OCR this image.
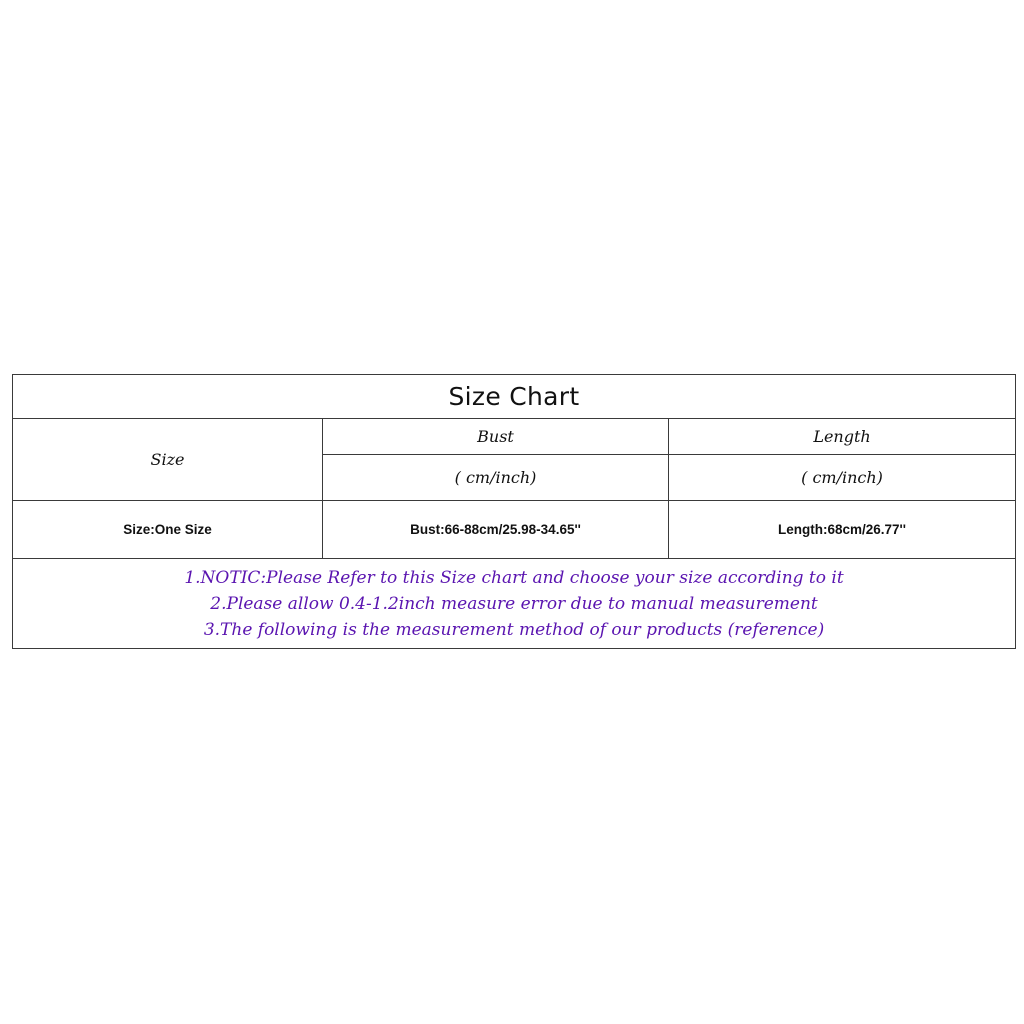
Size Chart		
Size	Bust	Length
	( cm/inch)	( cm/inch)
Size:One Size	Bust:66-88cm/25.98-34.65''	Length:68cm/26.77''

1.NOTIC:Please Refer to this Size chart and choose your size according to it
2.Please allow 0.4-1.2inch measure error due to manual measurement
3.The following is the measurement method of our products (reference)		
